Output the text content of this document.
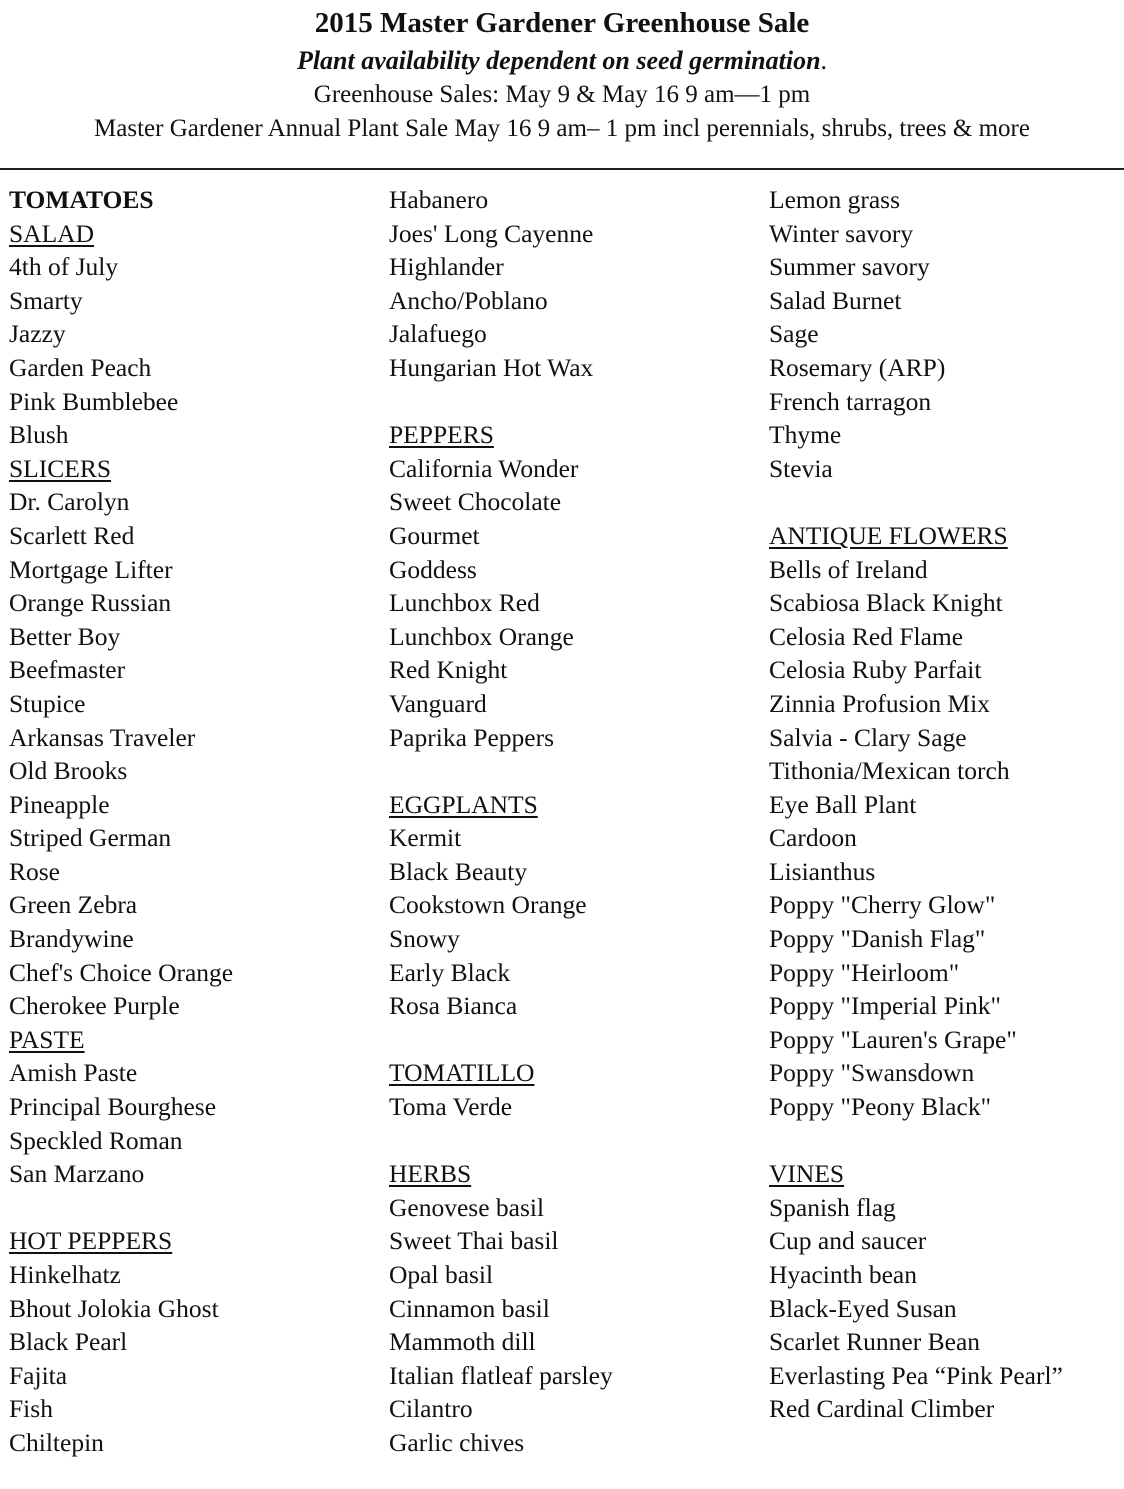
2015 Master Gardener Greenhouse Sale
Plant availability dependent on seed germination.
Greenhouse Sales: May 9 & May 16 9 am—1 pm
Master Gardener Annual Plant Sale May 16 9 am– 1 pm incl perennials, shrubs, trees & more
TOMATOES
SALAD
4th of July
Smarty
Jazzy
Garden Peach
Pink Bumblebee
Blush
SLICERS
Dr. Carolyn
Scarlett Red
Mortgage Lifter
Orange Russian
Better Boy
Beefmaster
Stupice
Arkansas Traveler
Old Brooks
Pineapple
Striped German
Rose
Green Zebra
Brandywine
Chef's Choice Orange
Cherokee Purple
PASTE
Amish Paste
Principal Bourghese
Speckled Roman
San Marzano
HOT PEPPERS
Hinkelhatz
Bhout Jolokia Ghost
Black Pearl
Fajita
Fish
Chiltepin
Habanero
Joes' Long Cayenne
Highlander
Ancho/Poblano
Jalafuego
Hungarian Hot Wax
PEPPERS
California Wonder
Sweet Chocolate
Gourmet
Goddess
Lunchbox Red
Lunchbox Orange
Red Knight
Vanguard
Paprika Peppers
EGGPLANTS
Kermit
Black Beauty
Cookstown Orange
Snowy
Early Black
Rosa Bianca
TOMATILLO
Toma Verde
HERBS
Genovese basil
Sweet Thai basil
Opal basil
Cinnamon basil
Mammoth dill
Italian flatleaf parsley
Cilantro
Garlic chives
Lemon grass
Winter savory
Summer savory
Salad Burnet
Sage
Rosemary (ARP)
French tarragon
Thyme
Stevia
ANTIQUE FLOWERS
Bells of Ireland
Scabiosa Black Knight
Celosia Red Flame
Celosia Ruby Parfait
Zinnia Profusion Mix
Salvia - Clary Sage
Tithonia/Mexican torch
Eye Ball Plant
Cardoon
Lisianthus
Poppy "Cherry Glow"
Poppy "Danish Flag"
Poppy "Heirloom"
Poppy "Imperial Pink"
Poppy "Lauren's Grape"
Poppy "Swansdown
Poppy "Peony Black"
VINES
Spanish flag
Cup and saucer
Hyacinth bean
Black-Eyed Susan
Scarlet Runner Bean
Everlasting Pea “Pink Pearl”
Red Cardinal Climber
